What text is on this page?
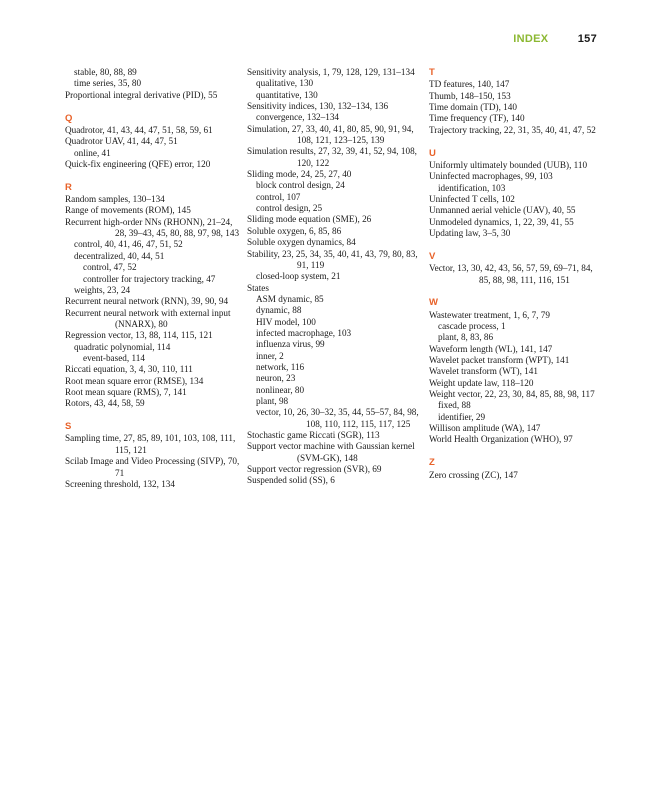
INDEX	157
stable, 80, 88, 89
time series, 35, 80
Proportional integral derivative (PID), 55
Q
Quadrotor, 41, 43, 44, 47, 51, 58, 59, 61
Quadrotor UAV, 41, 44, 47, 51
online, 41
Quick-fix engineering (QFE) error, 120
R
Random samples, 130–134
Range of movements (ROM), 145
Recurrent high-order NNs (RHONN), 21–24, 28, 39–43, 45, 80, 88, 97, 98, 143
control, 40, 41, 46, 47, 51, 52
decentralized, 40, 44, 51
control, 47, 52
controller for trajectory tracking, 47
weights, 23, 24
Recurrent neural network (RNN), 39, 90, 94
Recurrent neural network with external input (NNARX), 80
Regression vector, 13, 88, 114, 115, 121
quadratic polynomial, 114
event-based, 114
Riccati equation, 3, 4, 30, 110, 111
Root mean square error (RMSE), 134
Root mean square (RMS), 7, 141
Rotors, 43, 44, 58, 59
S
Sampling time, 27, 85, 89, 101, 103, 108, 111, 115, 121
Scilab Image and Video Processing (SIVP), 70, 71
Screening threshold, 132, 134
Sensitivity analysis, 1, 79, 128, 129, 131–134
qualitative, 130
quantitative, 130
Sensitivity indices, 130, 132–134, 136
convergence, 132–134
Simulation, 27, 33, 40, 41, 80, 85, 90, 91, 94, 108, 121, 123–125, 139
Simulation results, 27, 32, 39, 41, 52, 94, 108, 120, 122
Sliding mode, 24, 25, 27, 40
block control design, 24
control, 107
control design, 25
Sliding mode equation (SME), 26
Soluble oxygen, 6, 85, 86
Soluble oxygen dynamics, 84
Stability, 23, 25, 34, 35, 40, 41, 43, 79, 80, 83, 91, 119
closed-loop system, 21
States
ASM dynamic, 85
dynamic, 88
HIV model, 100
infected macrophage, 103
influenza virus, 99
inner, 2
network, 116
neuron, 23
nonlinear, 80
plant, 98
vector, 10, 26, 30–32, 35, 44, 55–57, 84, 98, 108, 110, 112, 115, 117, 125
Stochastic game Riccati (SGR), 113
Support vector machine with Gaussian kernel (SVM-GK), 148
Support vector regression (SVR), 69
Suspended solid (SS), 6
T
TD features, 140, 147
Thumb, 148–150, 153
Time domain (TD), 140
Time frequency (TF), 140
Trajectory tracking, 22, 31, 35, 40, 41, 47, 52
U
Uniformly ultimately bounded (UUB), 110
Uninfected macrophages, 99, 103
identification, 103
Uninfected T cells, 102
Unmanned aerial vehicle (UAV), 40, 55
Unmodeled dynamics, 1, 22, 39, 41, 55
Updating law, 3–5, 30
V
Vector, 13, 30, 42, 43, 56, 57, 59, 69–71, 84, 85, 88, 98, 111, 116, 151
W
Wastewater treatment, 1, 6, 7, 79
cascade process, 1
plant, 8, 83, 86
Waveform length (WL), 141, 147
Wavelet packet transform (WPT), 141
Wavelet transform (WT), 141
Weight update law, 118–120
Weight vector, 22, 23, 30, 84, 85, 88, 98, 117
fixed, 88
identifier, 29
Willison amplitude (WA), 147
World Health Organization (WHO), 97
Z
Zero crossing (ZC), 147
